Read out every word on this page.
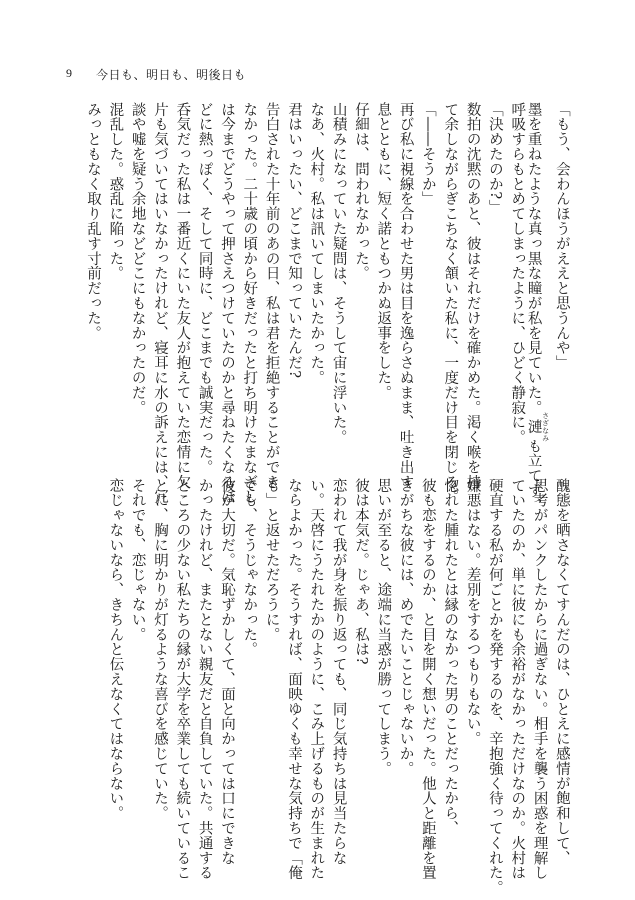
9 今日も、明日も、明後日も
「もう、会わんほうがええと思うんや」
墨を重ねたような真っ黒な瞳が私を見ていた。漣 さざなみも立てず、
呼吸すらもとめてしまったように、ひどく静寂に。
「決めたのか?」
数拍の沈黙のあと、彼はそれだけを確かめた。渇く喉を持
て余しながらぎこちなく頷いた私に、一度だけ目を閉じる。
「――そうか」
再び私に視線を合わせた男は目を逸らさぬまま、吐き出す
息とともに、短く諾ともつかぬ返事をした。
仔細は、問われなかった。
山積みになっていた疑問は、そうして宙に浮いた。
なあ、火村。私は訊いてしまいたかった。
君はいったい、どこまで知っていたんだ?
告白された十年前のあの日、私は君を拒絶することができ
なかった。二十歳の頃から好きだったと打ち明けたまなざし
は今までどうやって押さえつけていたのかと尋ねたくなるほ
どに熱っぽく、そして同時に、どこまでも誠実だった。
呑気だった私は一番近くにいた友人が抱えていた恋情に欠
片も気づいてはいなかったけれど、寝耳に水の訴えには、冗
談や嘘を疑う余地などどこにもなかったのだ。
混乱した。惑乱に陥った。
みっともなく取り乱す寸前だった。
醜態を晒さなくてすんだのは、ひとえに感情が飽和して、
思考がパンクしたからに過ぎない。相手を襲う困惑を理解し
ていたのか、単に彼にも余裕がなかっただけなのか。火村は
硬直する私が何ごとかを発するのを、辛抱強く待ってくれた。
嫌悪はない。差別をするつもりもない。
惚れた腫れたとは縁のなかった男のことだったから、
彼も恋をするのか、と目を開く想いだった。他人と距離を置
きがちな彼には、めでたいことじゃないか。
思いが至ると、途端に当惑が勝ってしまう。
彼は本気だ。じゃあ、私は?
恋われて我が身を振り返っても、同じ気持ちは見当たらな
い。天啓にうたれたかのように、こみ上げるものが生まれた
ならよかった。そうすれば、面映ゆくも幸せな気持ちで「俺
も」と返せただろうに。
でも、そうじゃなかった。
彼が大切だ。気恥ずかしくて、面と向かっては口にできな
かったけれど、またとない親友だと自負していた。共通する
ところの少ない私たちの縁が大学を卒業しても続いているこ
とに、胸に明かりが灯るような喜びを感じていた。
それでも、恋じゃない。
恋じゃないなら、きちんと伝えなくてはならない。
